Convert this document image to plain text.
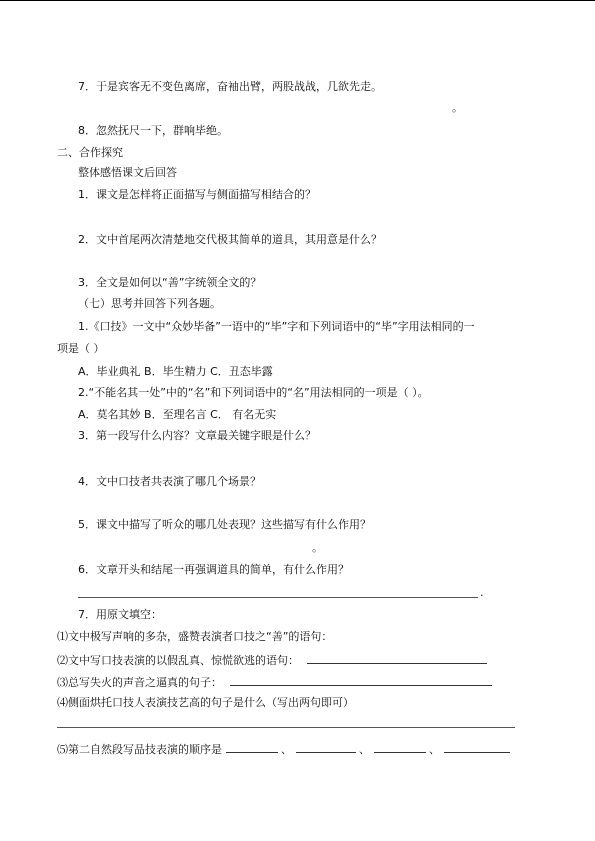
7．于是宾客无不变色离席，奋袖出臂，两股战战，几欲先走。
。
8．忽然抚尺一下，群响毕绝。
二、合作探究
整体感悟课文后回答
1．课文是怎样将正面描写与侧面描写相结合的？
2．文中首尾两次清楚地交代极其简单的道具，其用意是什么？
3．全文是如何以“善”字统领全文的？
（七）思考并回答下列各题。
1.《口技》一文中“众妙毕备”一语中的“毕”字和下列词语中的“毕”字用法相同的一
项是（ ）
A．毕业典礼 B．毕生精力 C．丑态毕露
2.“不能名其一处”中的“名”和下列词语中的“名”用法相同的一项是（ ）。
A．莫名其妙 B．至理名言 C． 有名无实
3．第一段写什么内容？文章最关键字眼是什么？
4．文中口技者共表演了哪几个场景？
5．课文中描写了听众的哪几处表现？这些描写有什么作用？
。
6．文章开头和结尾一再强调道具的简单，有什么作用？
.
7．用原文填空：
⑴文中极写声响的多杂，盛赞表演者口技之“善”的语句：
⑵文中写口技表演的以假乱真、惊慌欲逃的语句：
⑶总写失火的声音之逼真的句子：
⑷侧面烘托口技人表演技艺高的句子是什么（写出两句即可）
⑸第二自然段写品技表演的顺序是	、	、	、
